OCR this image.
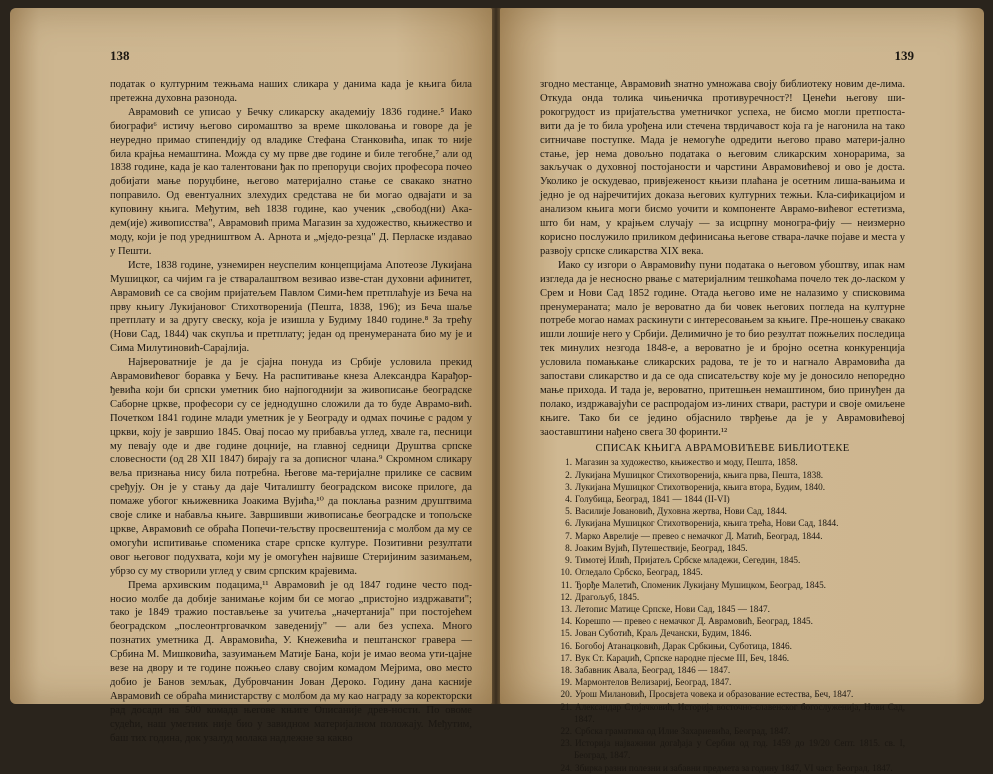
138

податак о културним тежњама наших сликара у данима када је књига била претежна духовна разонода.

Аврамовић се уписао у Бечку сликарску академију 1836 године.⁵ Иако биографи⁶ истичу његово сиромаштво за време школовања и говоре да је неуредно примао стипендију од владике Стефана Станковића, ипак то није била крајња немаштина. Можда су му прве две године и биле тегобне,⁷ али од 1838 године, када је као талентовани ђак по препоруци својих професора почео добијати мање поруџбине, његово материјално стање се свакако знатно поправило. Од евентуалних злехудих средстава не би могао одвајати и за куповину књига. Међутим, већ 1838 године, као ученик „свобод(ни) Ака-дем(ије) живописства", Аврамовић прима Магазин за художество, књижество и моду, који је под уредништвом А. Арнота и „мједо-резца" Д. Перласке издавао у Пешти.

Исте, 1838 године, узнемирен неуспелим концепцијама Апотеозе Лукијана Мушицког, са чијим га је стваралаштвом везивао изве-стан духовни афинитет, Аврамовић се са својим пријатељем Павлом Сими-ћем претплаћује из Беча на прву књигу Лукијановог Стихотворенија (Пешта, 1838, 196); из Беча шаље претплату и за другу свеску, која је изишла у Будиму 1840 године.⁸ За трећу (Нови Сад, 1844) чак скупља и претплату; један од пренумераната био му је и Сима Милутиновић-Сарајлија.

Највероватније је да је сјајна понуда из Србије условила прекид Аврамовићевог боравка у Бечу. На распитивање кнеза Александра Карађор-ђевића који би српски уметник био најпогоднији за живописање београдске Саборне цркве, професори су се једнодушно сложили да то буде Аврамо-вић. Почетком 1841 године млади уметник је у Београду и одмах почиње с радом у цркви, коју је завршио 1845. Овај посао му прибавља углед, хвале га, песници му певају оде и две године доцније, на главној седници Друштва српске словесности (од 28 XII 1847) бирају га за дописног члана.⁹ Скромном сликару веља признања нису била потребна. Његове ма-теријалне прилике се сасвим сређују. Он је у стању да даје Читалишту београдском високе прилоге, да помаже убогог књижевника Јоакима Вујића,¹⁰ да поклања разним друштвима своје слике и набавља књиге. Завршивши живописање београдске и топољске цркве, Аврамовић се обраћа Попечи-тељству просвештенија с молбом да му се омогући испитивање споменика старе српске културе. Позитивни резултати овог његовог подухвата, који му је омогућен највише Стеријиним зазимањем, убрзо су му створили углед у свим српским крајевима.

Према архивским подацима,¹¹ Аврамовић је од 1847 године често под-носио молбе да добије занимање којим би се могао „пристојно издржавати"; тако је 1849 тражио постављење за учитеља „начертанија" при постојећем београдском „послеонтрговачком заведенију" — али без успеха. Много познатих уметника Д. Аврамовића, У. Кнежевића и пештанског гравера — Србина М. Мишковића, зазуимањем Матије Бана, који је имао веома ути-цајне везе на двору и те године пожњео славу својим комадом Мејрима, ово место добио је Банов земљак, Дубровчанин Јован Дероко. Годину дана касније Аврамовић се обраћа министарству с молбом да му као награду за коректорски рад досади на 500 комада његове књиге Описаније древ-ности. По овоме судећи, наш уметник није био у завидном материјалном положају. Међутим, баш тих година, док узалуд молака надлежне за какво

139

згодно местанце, Аврамовић знатно умножава своју библиотеку новим де-лима. Откуда онда толика чињеничка противуречност?! Ценећи његову ши-рокогрудост из пријатељства уметничког успеха, не бисмо могли претпоста-вити да је то била урођена или стечена тврдичавост која га је нагонила на тако ситничаве поступке. Мада је немогуће одредити његово право матери-јално стање, јер нема довољно података о његовим сликарским хонорарима, за закључак о духовној постојаности и чарстини Аврамовићевој и ово је доста. Уколико је оскудевао, привјеженост књизи плаћана је осетним лиша-вањима и једно је од најречитијих доказа његових културних тежњи. Кла-сификацијом и анализом књига моги бисмо уочити и компоненте Аврамо-вићевог естетизма, што би нам, у крајњем случају — за исцрпну моногра-фију — неизмерно корисно послужило приликом дефинисања његове ствара-лачке појаве и места у развоју српске сликарства XIX века.

Иако су изгори о Аврамовићу пуни података о његовом убоштву, ипак нам изгледа да је несносно рвање с материјалним тешкоћама почело тек до-ласком у Срем и Нови Сад 1852 године. Отада његово име не налазимо у списковима пренумераната; мало је вероватно да би човек његових погледа на културне потребе могао намах раскинути с интересовањем за књиге. Пре-ношењу свакако ишли лошије него у Србији. Делимично је то био резултат пожњелих последица тек минулих незгода 1848-е, а вероватно је и бројно осетна конкуренција условила помањкање сликарских радова, те је то и нагнало Аврамовића да запостави сликарство и да се ода списатељству које му је доносило непоредно мање прихода. И тада је, вероватно, притешњен немаштином, био принуђен да полако, издржавајући се распродајом из-линих ствари, растури и своје омиљене књиге. Тако би се једино објаснило тврђење да је у Аврамовићевој заоставштини нађено свега 30 форинти.¹²

СПИСАК КЊИГА АВРАМОВИЋЕВЕ БИБЛИОТЕКЕ
1. Магазин за художество, књижество и моду, Пешта, 1858.
2. Лукијана Мушицког Стихотворенија, књига прва, Пешта, 1838.
3. Лукијана Мушицког Стихотворенија, књига втора, Будим, 1840.
4. Голубица, Београд, 1841 — 1844 (II-VI)
5. Василије Јовановић, Духовна жертва, Нови Сад, 1844.
6. Лукијана Мушицког Стихотворенија, књига трећа, Нови Сад, 1844.
7. Марко Аврелије — превео с немачког Д. Матић, Београд, 1844.
8. Јоаким Вујић, Путешествије, Београд, 1845.
9. Тимотеј Илић, Пријатељ Србске младежи, Сегедин, 1845.
10. Огледало Србско, Београд, 1845.
11. Ђорђе Малетић, Споменик Лукијану Мушицком, Београд, 1845.
12. Драгољуб, 1845.
13. Летопис Матице Српске, Нови Сад, 1845 — 1847.
14. Корешпо — превео с немачког Д. Аврамовић, Београд, 1845.
15. Јован Суботић, Краљ Дечански, Будим, 1846.
16. Богобој Атанацковић, Дарак Србкињи, Суботица, 1846.
17. Вук Ст. Караџић, Српске народне пјесме III, Беч, 1846.
18. Забавник Авала, Београд, 1846 — 1847.
19. Мармонтелов Велизариј, Београд, 1847.
20. Урош Милановић, Просвјета човека и образование естества, Беч, 1847.
21. Александар Стојачковић, Историја восточно-славенског богослуженија, Нови Сад, 1847.
22. Србска граматика од Илие Захариевића, Београд, 1847.
23. Историја најважнии догађаја у Сербии од год. 1459 до 19/20 Септ. 1815. св. I, Београд, 1847.
24. Збирка разни полезни и забавни предмета за годину 1847, VI част, Београд, 1847.
